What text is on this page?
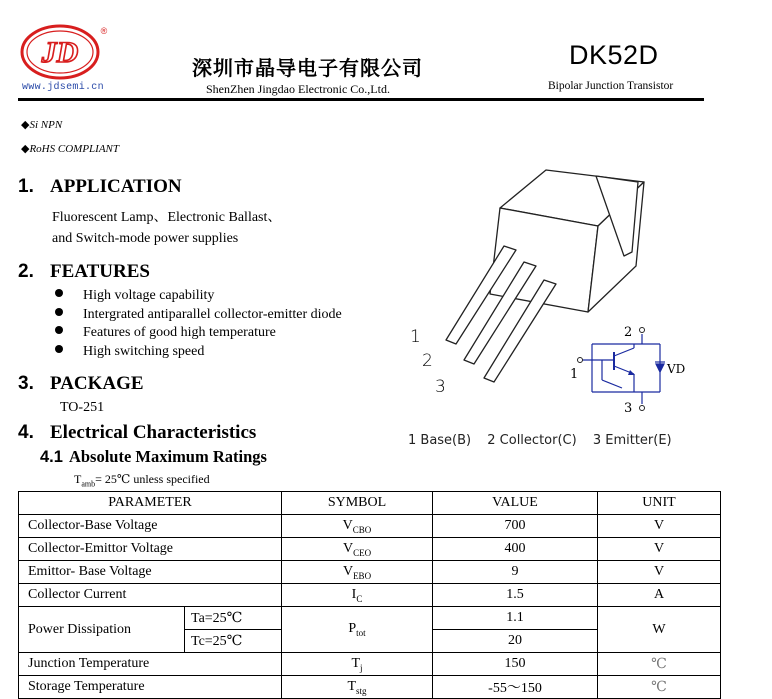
JD
®
www.jdsemi.cn
深圳市晶导电子有限公司
ShenZhen Jingdao Electronic Co.,Ltd.
DK52D
Bipolar Junction Transistor
◆Si NPN
◆RoHS COMPLIANT
1. APPLICATION
Fluorescent Lamp、Electronic Ballast、
and Switch-mode power supplies
2. FEATURES
High voltage capability
Intergrated antiparallel collector-emitter diode
Features of good high temperature
High switching speed
3. PACKAGE
TO-251
4. Electrical Characteristics
4.1 Absolute Maximum Ratings
$T_{amb}=$ 25℃ unless specified
1
2
3
2
1
3
VD
1 Base(B) 2 Collector(C) 3 Emitter(E)
PARAMETER		SYMBOL	VALUE	UNIT
Collector-Base Voltage		$V_{CBO}$	700	V
Collector-Emittor Voltage		$V_{CEO}$	400	V
Emittor- Base Voltage		$V_{EBO}$	9	V
Collector Current		$I_C$	1.5	A
Power Dissipation	Ta=25℃	$P_{tot}$	1.1	W
	Tc=25℃		20	
Junction Temperature		$T_j$	150	℃
Storage Temperature		$T_{stg}$	-55～150	℃
